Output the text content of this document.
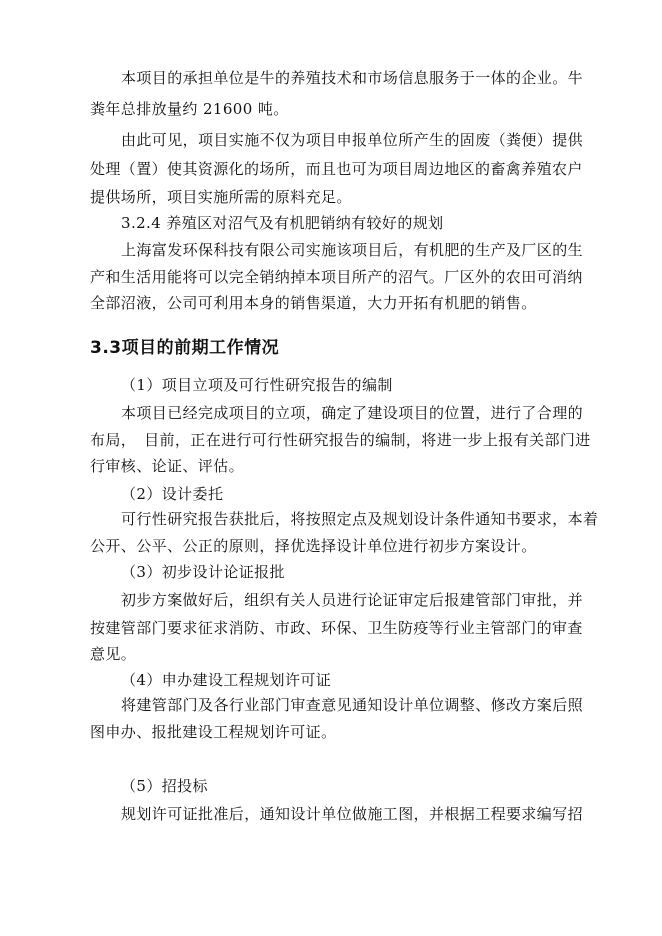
本项目的承担单位是牛的养殖技术和市场信息服务于一体的企业。牛
粪年总排放量约 21600 吨。
由此可见，项目实施不仅为项目申报单位所产生的固废（粪便）提供
处理（置）使其资源化的场所，而且也可为项目周边地区的畜禽养殖农户
提供场所，项目实施所需的原料充足。
3.2.4 养殖区对沼气及有机肥销纳有较好的规划
上海富发环保科技有限公司实施该项目后，有机肥的生产及厂区的生
产和生活用能将可以完全销纳掉本项目所产的沼气。厂区外的农田可消纳
全部沼液，公司可利用本身的销售渠道，大力开拓有机肥的销售。
3.3项目的前期工作情况
（1）项目立项及可行性研究报告的编制
本项目已经完成项目的立项，确定了建设项目的位置，进行了合理的
布局，　目前，正在进行可行性研究报告的编制，将进一步上报有关部门进
行审核、论证、评估。
（2）设计委托
可行性研究报告获批后，将按照定点及规划设计条件通知书要求，本着
公开、公平、公正的原则，择优选择设计单位进行初步方案设计。
（3）初步设计论证报批
初步方案做好后，组织有关人员进行论证审定后报建管部门审批，并
按建管部门要求征求消防、市政、环保、卫生防疫等行业主管部门的审查
意见。
（4）申办建设工程规划许可证
将建管部门及各行业部门审查意见通知设计单位调整、修改方案后照
图申办、报批建设工程规划许可证。
（5）招投标
规划许可证批准后，通知设计单位做施工图，并根据工程要求编写招
